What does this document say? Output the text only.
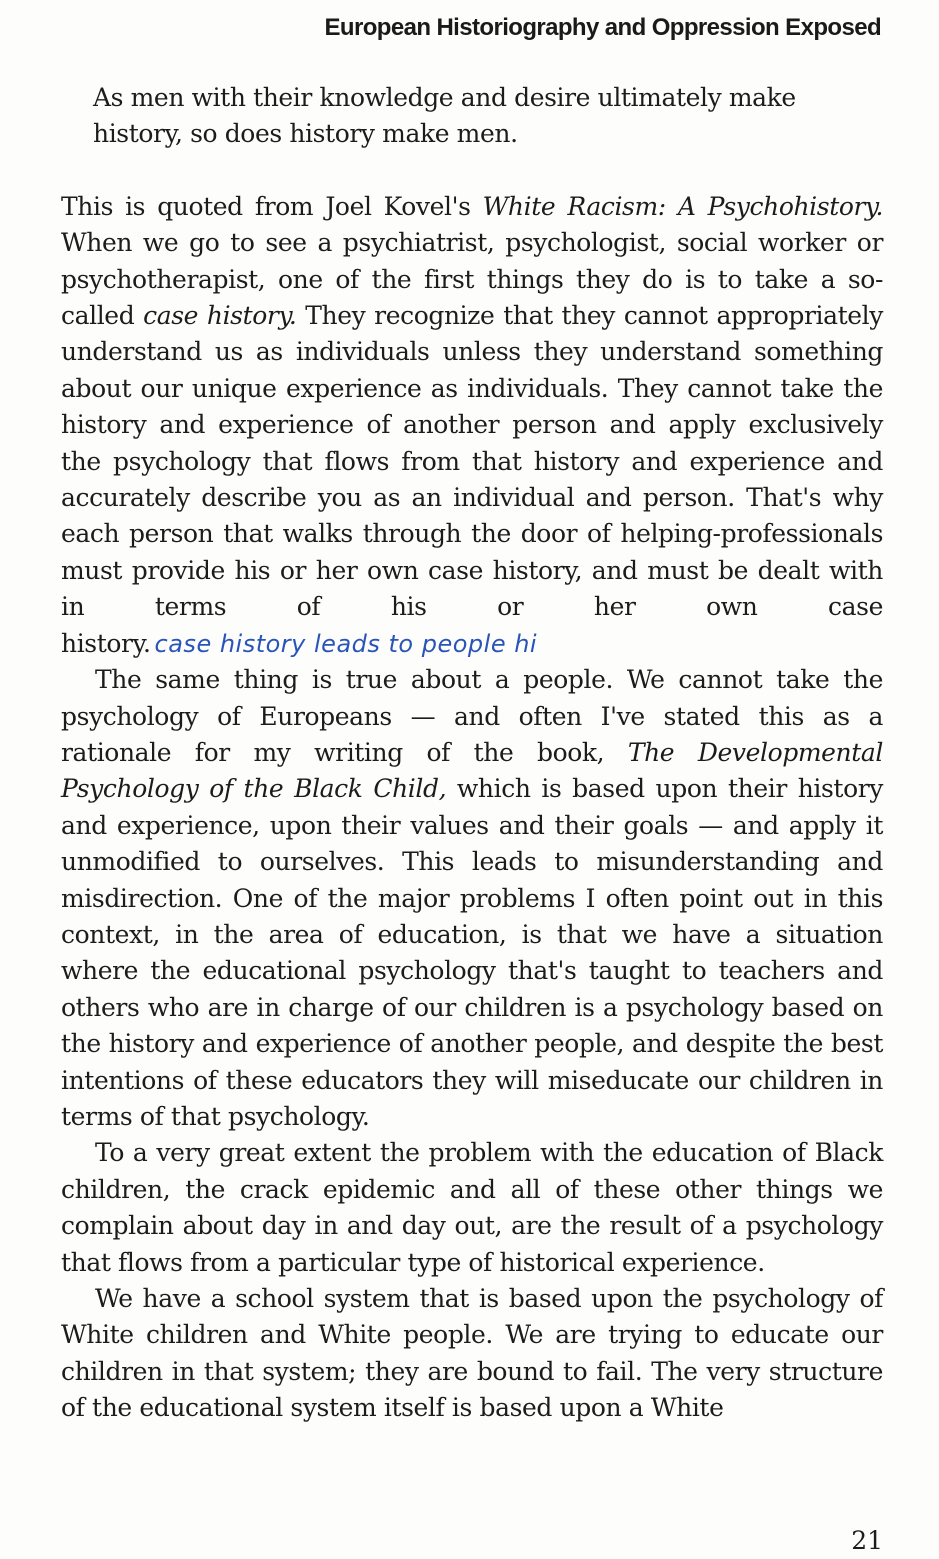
European Historiography and Oppression Exposed

As men with their knowledge and desire ultimately make history, so does history make men.

This is quoted from Joel Kovel's White Racism: A Psychohistory. When we go to see a psychiatrist, psychologist, social worker or psychotherapist, one of the first things they do is to take a so-called case history. They recognize that they cannot appropriately understand us as individuals unless they understand something about our unique experience as individuals. They cannot take the history and experience of another person and apply exclusively the psychology that flows from that history and experience and accurately describe you as an individual and person. That's why each person that walks through the door of helping-professionals must provide his or her own case history, and must be dealt with in terms of his or her own case history. case history leads to people hi

The same thing is true about a people. We cannot take the psychology of Europeans — and often I've stated this as a rationale for my writing of the book, The Developmental Psychology of the Black Child, which is based upon their history and experience, upon their values and their goals — and apply it unmodified to ourselves. This leads to misunderstanding and misdirection. One of the major problems I often point out in this context, in the area of education, is that we have a situation where the educational psychology that's taught to teachers and others who are in charge of our children is a psychology based on the history and experience of another people, and despite the best intentions of these educators they will miseducate our children in terms of that psychology.

To a very great extent the problem with the education of Black children, the crack epidemic and all of these other things we complain about day in and day out, are the result of a psychology that flows from a particular type of historical experience.

We have a school system that is based upon the psychology of White children and White people. We are trying to educate our children in that system; they are bound to fail. The very structure of the educational system itself is based upon a White

21
